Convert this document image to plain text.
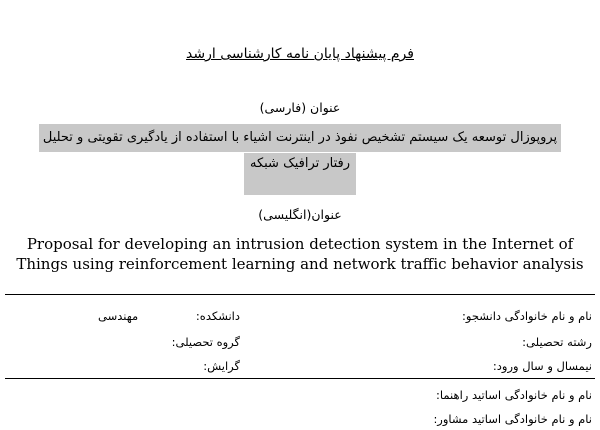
فرم پیشنهاد پایان نامه کارشناسی ارشد
عنوان (فارسی)
پروپوزال توسعه یک سیستم تشخیص نفوذ در اینترنت اشیاء با استفاده از یادگیری تقویتی و تحلیل
رفتار ترافیک شبکه
عنوان(انگلیسی)
Proposal for developing an intrusion detection system in the Internet of
Things using reinforcement learning and network traffic behavior analysis
نام و نام خانوادگی دانشجو:
دانشکده:
مهندسی
رشته تحصیلی:
گروه تحصیلی:
نیمسال و سال ورود:
گرایش:
نام و نام خانوادگی اساتید راهنما:
نام و نام خانوادگی اساتید مشاور:
